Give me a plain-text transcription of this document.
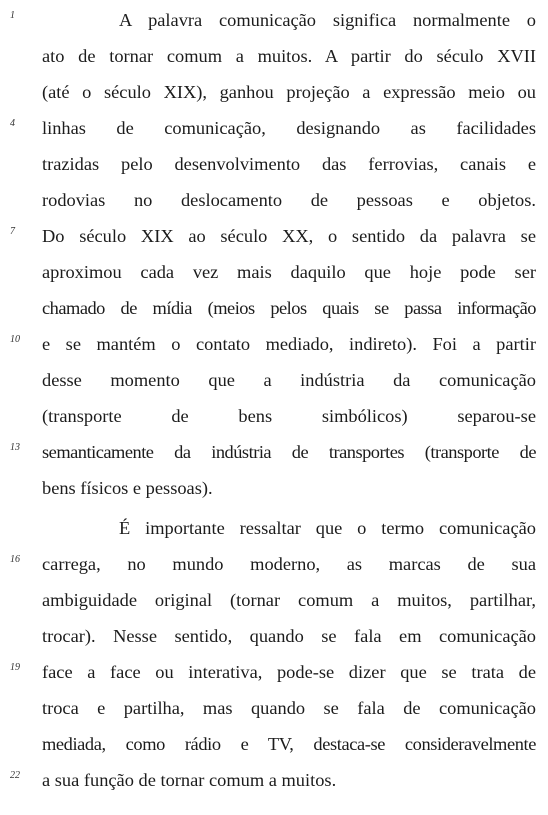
1	A palavra comunicação significa normalmente o
ato de tornar comum a muitos. A partir do século XVII
(até o século XIX), ganhou projeção a expressão meio ou
4	linhas de comunicação, designando as facilidades
trazidas pelo desenvolvimento das ferrovias, canais e
rodovias no deslocamento de pessoas e objetos.
7	Do século XIX ao século XX, o sentido da palavra se
aproximou cada vez mais daquilo que hoje pode ser
chamado de mídia (meios pelos quais se passa informação
10	e se mantém o contato mediado, indireto). Foi a partir
desse momento que a indústria da comunicação
(transporte de bens simbólicos) separou-se
13	semanticamente da indústria de transportes (transporte de
bens físicos e pessoas).
É importante ressaltar que o termo comunicação
16	carrega, no mundo moderno, as marcas de sua
ambiguidade original (tornar comum a muitos, partilhar,
trocar). Nesse sentido, quando se fala em comunicação
19	face a face ou interativa, pode-se dizer que se trata de
troca e partilha, mas quando se fala de comunicação
mediada, como rádio e TV, destaca-se consideravelmente
22	a sua função de tornar comum a muitos.
